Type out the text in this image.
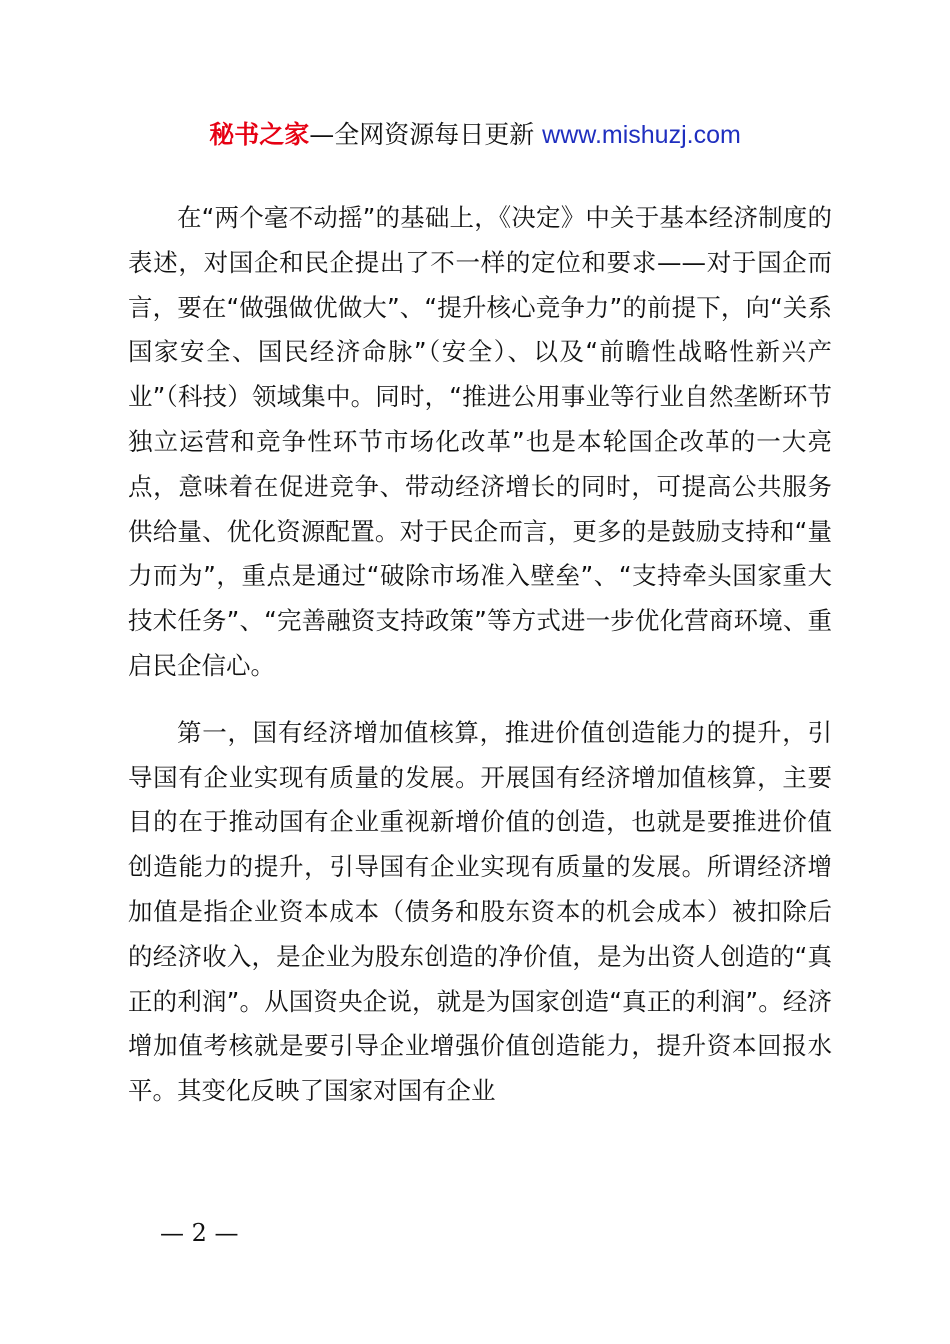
秘书之家—全网资源每日更新 www.mishuzj.com

在“两个毫不动摇”的基础上，《决定》中关于基本经济制度的表述，对国企和民企提出了不一样的定位和要求——对于国企而言，要在“做强做优做大”、“提升核心竞争力”的前提下，向“关系国家安全、国民经济命脉”（安全）、以及“前瞻性战略性新兴产业”（科技）领域集中。同时，“推进公用事业等行业自然垄断环节独立运营和竞争性环节市场化改革”也是本轮国企改革的一大亮点，意味着在促进竞争、带动经济增长的同时，可提高公共服务供给量、优化资源配置。对于民企而言，更多的是鼓励支持和“量力而为”，重点是通过“破除市场准入壁垒”、“支持牵头国家重大技术任务”、“完善融资支持政策”等方式进一步优化营商环境、重启民企信心。

第一，国有经济增加值核算，推进价值创造能力的提升，引导国有企业实现有质量的发展。开展国有经济增加值核算，主要目的在于推动国有企业重视新增价值的创造，也就是要推进价值创造能力的提升，引导国有企业实现有质量的发展。所谓经济增加值是指企业资本成本（债务和股东资本的机会成本）被扣除后的经济收入，是企业为股东创造的净价值，是为出资人创造的“真正的利润”。从国资央企说，就是为国家创造“真正的利润”。经济增加值考核就是要引导企业增强价值创造能力，提升资本回报水平。其变化反映了国家对国有企业

— 2 —
